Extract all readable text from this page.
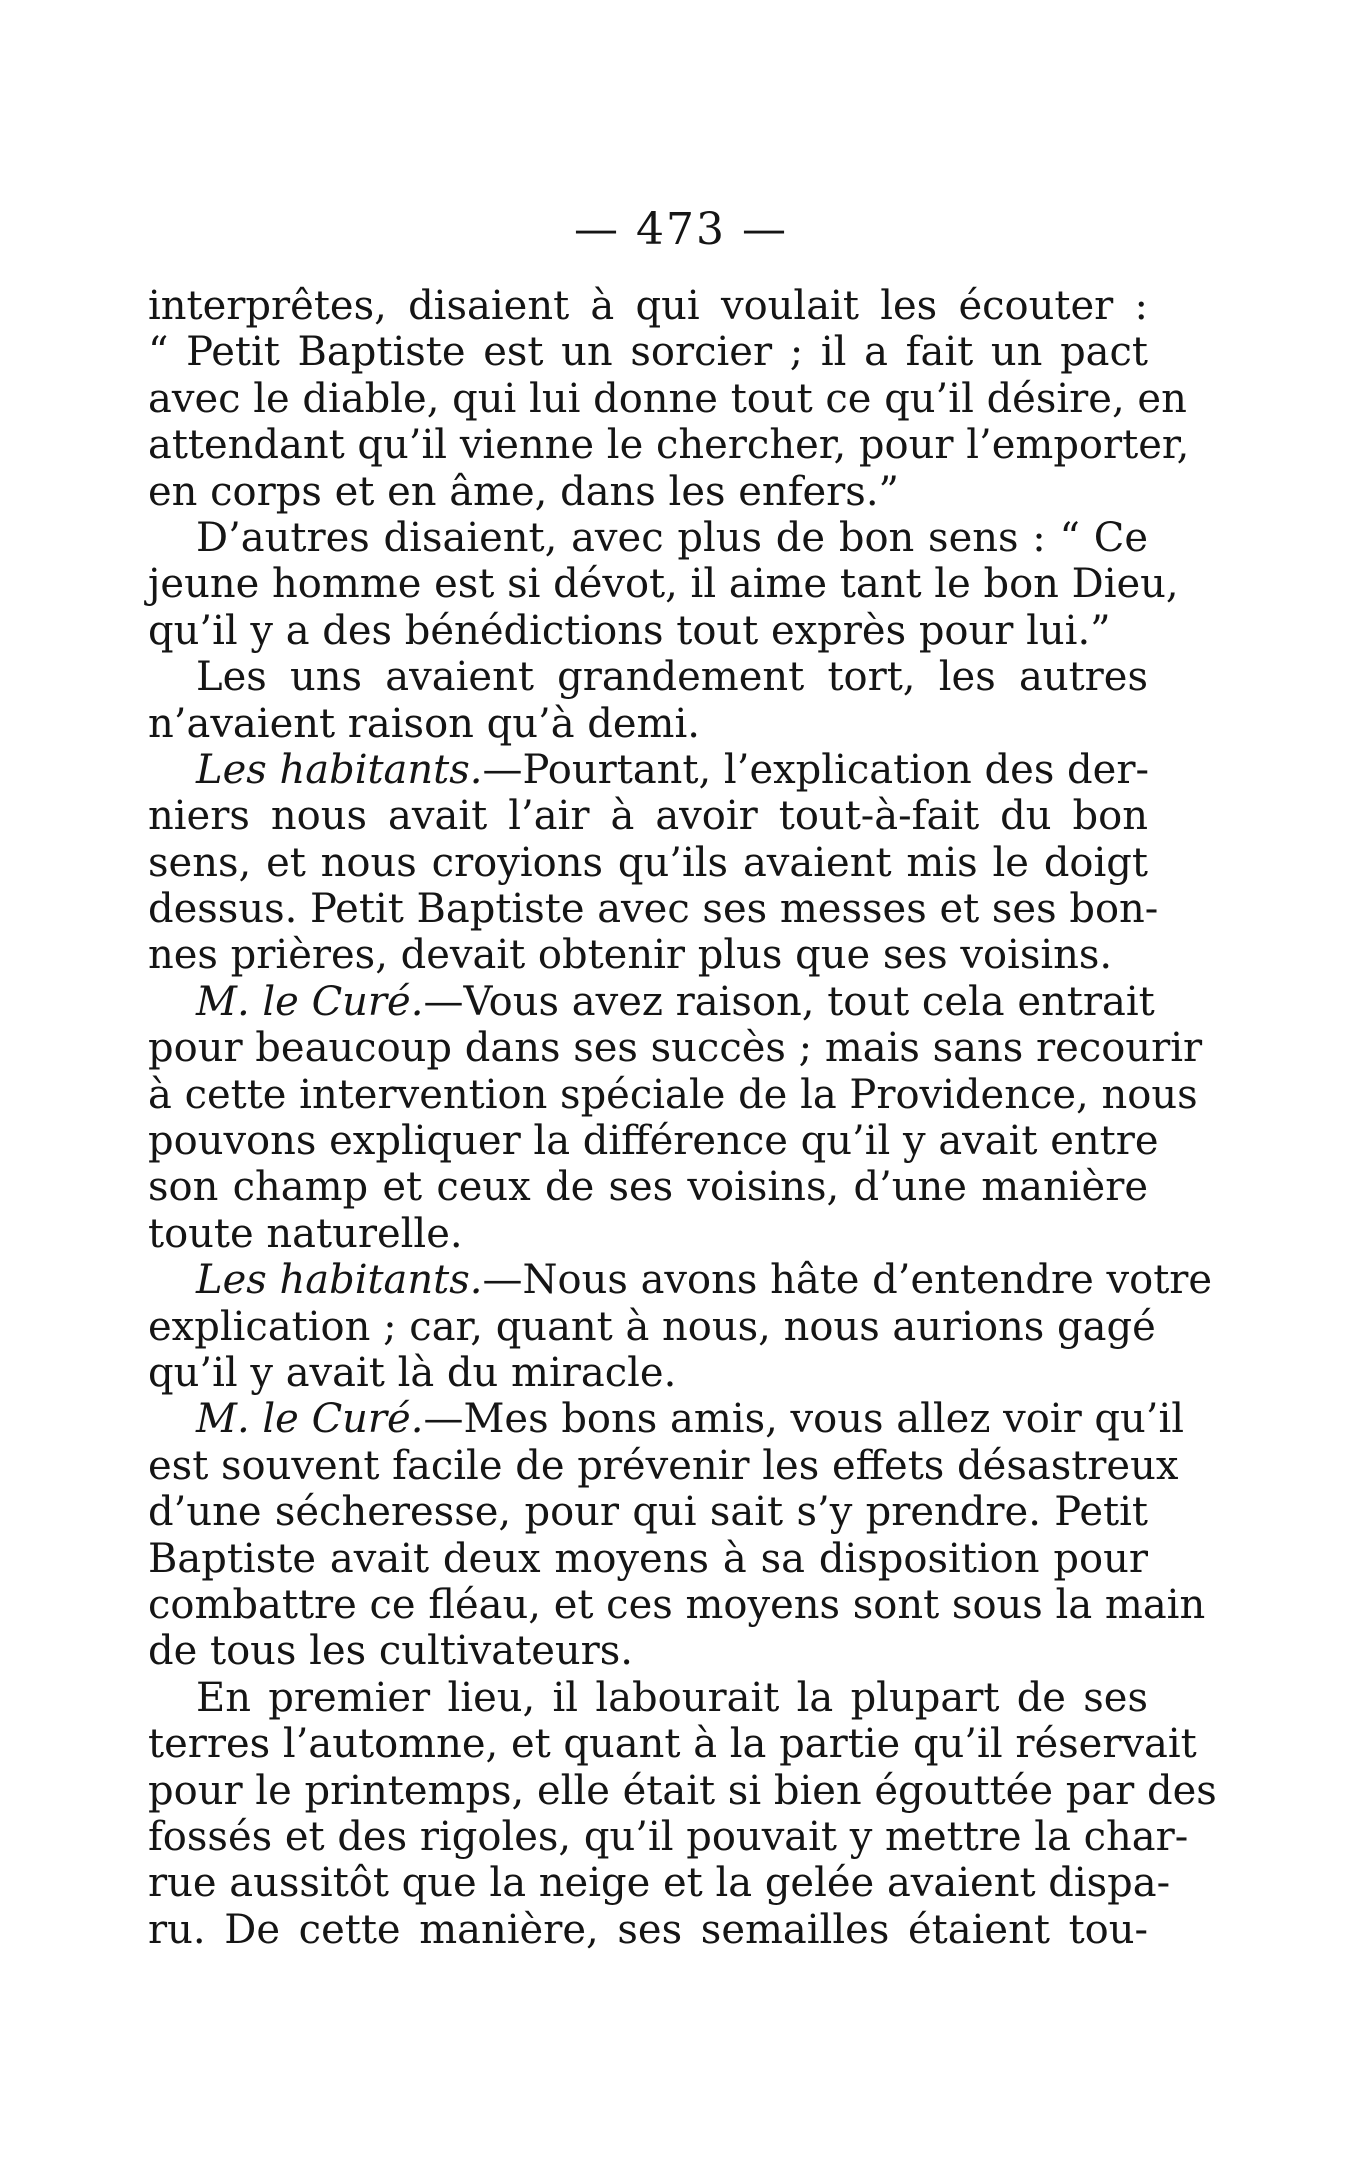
— 473 —
interprêtes, disaient à qui voulait les écouter :
“ Petit Baptiste est un sorcier ; il a fait un pact
avec le diable, qui lui donne tout ce qu’il désire, en
attendant qu’il vienne le chercher, pour l’emporter,
en corps et en âme, dans les enfers.”
D’autres disaient, avec plus de bon sens : “ Ce
jeune homme est si dévot, il aime tant le bon Dieu,
qu’il y a des bénédictions tout exprès pour lui.”
Les uns avaient grandement tort, les autres
n’avaient raison qu’à demi.
Les habitants.—Pourtant, l’explication des der-
niers nous avait l’air à avoir tout-à-fait du bon
sens, et nous croyions qu’ils avaient mis le doigt
dessus. Petit Baptiste avec ses messes et ses bon-
nes prières, devait obtenir plus que ses voisins.
M. le Curé.—Vous avez raison, tout cela entrait
pour beaucoup dans ses succès ; mais sans recourir
à cette intervention spéciale de la Providence, nous
pouvons expliquer la différence qu’il y avait entre
son champ et ceux de ses voisins, d’une manière
toute naturelle.
Les habitants.—Nous avons hâte d’entendre votre
explication ; car, quant à nous, nous aurions gagé
qu’il y avait là du miracle.
M. le Curé.—Mes bons amis, vous allez voir qu’il
est souvent facile de prévenir les effets désastreux
d’une sécheresse, pour qui sait s’y prendre. Petit
Baptiste avait deux moyens à sa disposition pour
combattre ce fléau, et ces moyens sont sous la main
de tous les cultivateurs.
En premier lieu, il labourait la plupart de ses
terres l’automne, et quant à la partie qu’il réservait
pour le printemps, elle était si bien égouttée par des
fossés et des rigoles, qu’il pouvait y mettre la char-
rue aussitôt que la neige et la gelée avaient dispa-
ru. De cette manière, ses semailles étaient tou-
